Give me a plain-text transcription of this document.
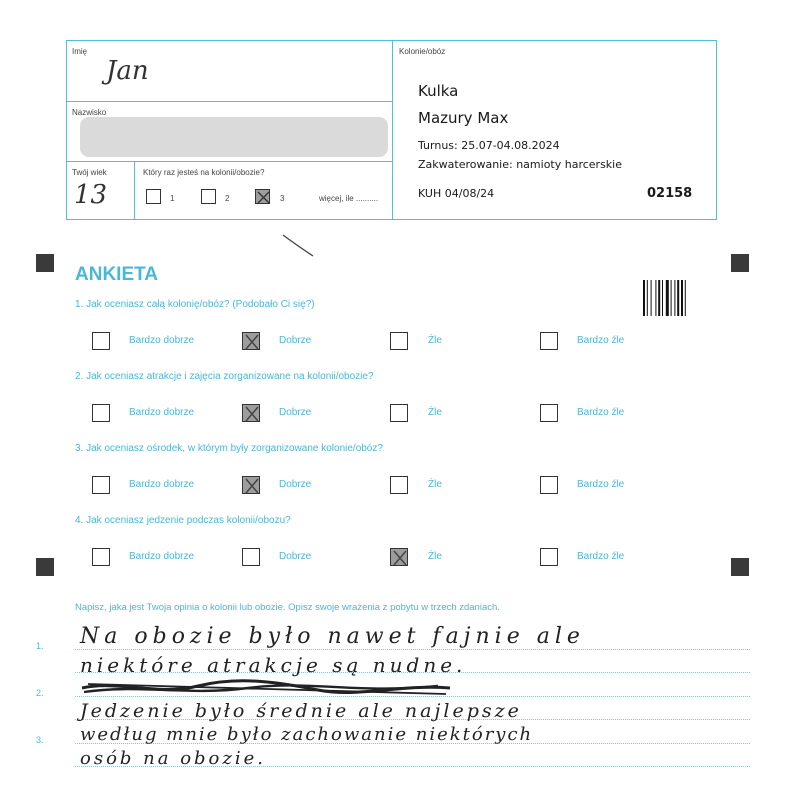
Imię
Jan
Nazwisko
Twój wiek
13
Który raz jesteś na kolonii/obozie?
1	2	3	więcej, ile ..........
Kolonie/obóz
Kulka
Mazury Max
Turnus: 25.07-04.08.2024
Zakwaterowanie: namioty harcerskie
KUH 04/08/24	02158
ANKIETA
1. Jak oceniasz całą kolonię/obóz? (Podobało Ci się?)
Bardzo dobrze	Dobrze	Źle	Bardzo źle
2. Jak oceniasz atrakcje i zajęcia zorganizowane na kolonii/obozie?
Bardzo dobrze	Dobrze	Źle	Bardzo źle
3. Jak oceniasz ośrodek, w którym były zorganizowane kolonie/obóz?
Bardzo dobrze	Dobrze	Źle	Bardzo źle
4. Jak oceniasz jedzenie podczas kolonii/obozu?
Bardzo dobrze	Dobrze	Źle	Bardzo źle
Napisz, jaka jest Twoja opinia o kolonii lub obozie. Opisz swoje wrażenia z pobytu w trzech zdaniach.
1.
2.
3.
Na obozie było nawet fajnie ale
niektóre atrakcje są nudne.
Jedzenie było średnie ale najlepsze
według mnie było zachowanie niektórych
osób na obozie.
